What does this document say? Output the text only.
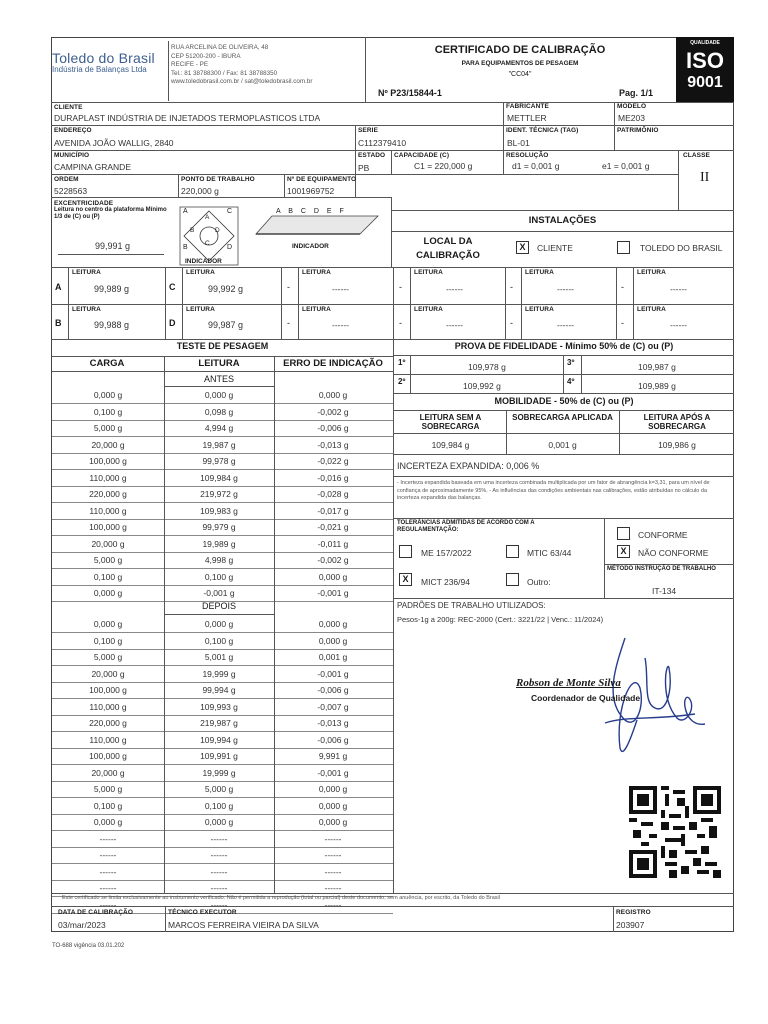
Toledo do Brasil
Indústria de Balanças Ltda
RUA ARCELINA DE OLIVEIRA, 48
CEP 51200-200 - IBURA
RECIFE - PE
Tel.: 81 38788300 / Fax: 81 38788350
www.toledobrasil.com.br / sat@toledobrasil.com.br
CERTIFICADO DE CALIBRAÇÃO
PARA EQUIPAMENTOS DE PESAGEM
"CC04"
Nº P23/15844-1	Pag. 1/1
QUALIDADE
ISO
9001
CLIENTE
DURAPLAST INDÚSTRIA DE INJETADOS TERMOPLASTICOS LTDA
FABRICANTE
METTLER
MODELO
ME203
ENDEREÇO
AVENIDA JOÃO WALLIG, 2840
SERIE
C112379410
IDENT. TÉCNICA (TAG)
BL-01
PATRIMÔNIO
MUNICÍPIO
CAMPINA GRANDE
ESTADO
PB
CAPACIDADE (C)
C1 = 220,000 g
RESOLUÇÃO
d1 = 0,001 g	e1 = 0,001 g
CLASSE
II
ORDEM
5228563
PONTO DE TRABALHO
220,000 g
Nº DE EQUIPAMENTO
1001969752
EXCENTRICIDADE
Leitura no centro da plataforma Mínimo 1/3 de (C) ou (P)
99,991 g
A	C
B	D
A
B	D
C
INDICADOR
A B C D E F
INDICADOR
LEITURA	LEITURA	LEITURA	LEITURA	LEITURA	LEITURA
A	99,989 g	C	99,992 g	-	------	-	------	-	------	-	------
LEITURA	LEITURA	LEITURA	LEITURA	LEITURA	LEITURA
B	99,988 g	D	99,987 g	-	------	-	------	-	------	-	------
INSTALAÇÕES
LOCAL DA
CALIBRAÇÃO
X	CLIENTE	TOLEDO DO BRASIL
TESTE DE PESAGEM
CARGA	LEITURA	ERRO DE INDICAÇÃO
ANTES
0,000 g	0,000 g	0,000 g
0,100 g	0,098 g	-0,002 g
5,000 g	4,994 g	-0,006 g
20,000 g	19,987 g	-0,013 g
100,000 g	99,978 g	-0,022 g
110,000 g	109,984 g	-0,016 g
220,000 g	219,972 g	-0,028 g
110,000 g	109,983 g	-0,017 g
100,000 g	99,979 g	-0,021 g
20,000 g	19,989 g	-0,011 g
5,000 g	4,998 g	-0,002 g
0,100 g	0,100 g	0,000 g
0,000 g	-0,001 g	-0,001 g
DEPOIS
0,000 g	0,000 g	0,000 g
0,100 g	0,100 g	0,000 g
5,000 g	5,001 g	0,001 g
20,000 g	19,999 g	-0,001 g
100,000 g	99,994 g	-0,006 g
110,000 g	109,993 g	-0,007 g
220,000 g	219,987 g	-0,013 g
110,000 g	109,994 g	-0,006 g
100,000 g	109,991 g	9,991 g
20,000 g	19,999 g	-0,001 g
5,000 g	5,000 g	0,000 g
0,100 g	0,100 g	0,000 g
0,000 g	0,000 g	0,000 g
------	------	------
------	------	------
------	------	------
------	------	------
------	------	------
PROVA DE FIDELIDADE - Mínimo 50% de (C) ou (P)
1º	109,978 g	3º	109,987 g
2º	109,992 g	4º	109,989 g
MOBILIDADE - 50% de (C) ou (P)
LEITURA SEM A SOBRECARGA
SOBRECARGA APLICADA	LEITURA APÓS A SOBRECARGA
109,984 g	0,001 g	109,986 g
INCERTEZA EXPANDIDA: 0,006 %
- Incerteza expandida baseada em uma incerteza combinada multiplicada por um fator de abrangência k=3,31, para um nível de confiança de aproximadamente 95%. - As influências das condições ambientais nas calibrações, estão atribuídas no cálculo da incerteza expandida das balanças.
TOLERÂNCIAS ADMITIDAS DE ACORDO COM A REGULAMENTAÇÃO:
ME 157/2022	MTIC 63/44
X	MICT 236/94	Outro:
CONFORME
X	NÃO CONFORME
MÉTODO INSTRUÇÃO DE TRABALHO
IT-134
PADRÕES DE TRABALHO UTILIZADOS:
Pesos-1g a 200g: REC-2000 (Cert.: 3221/22 | Venc.: 11/2024)
Robson de Monte Silva
Coordenador de Qualidade
Este certificado se limita exclusivamente ao instrumento verificado. Não é permitida a reprodução (total ou parcial) deste documento, sem anuência, por escrito, da Toledo do Brasil
DATA DE CALIBRAÇÃO
03/mar/2023
TÉCNICO EXECUTOR
MARCOS FERREIRA VIEIRA DA SILVA
REGISTRO
203907
TO-688 vigência 03.01.202
